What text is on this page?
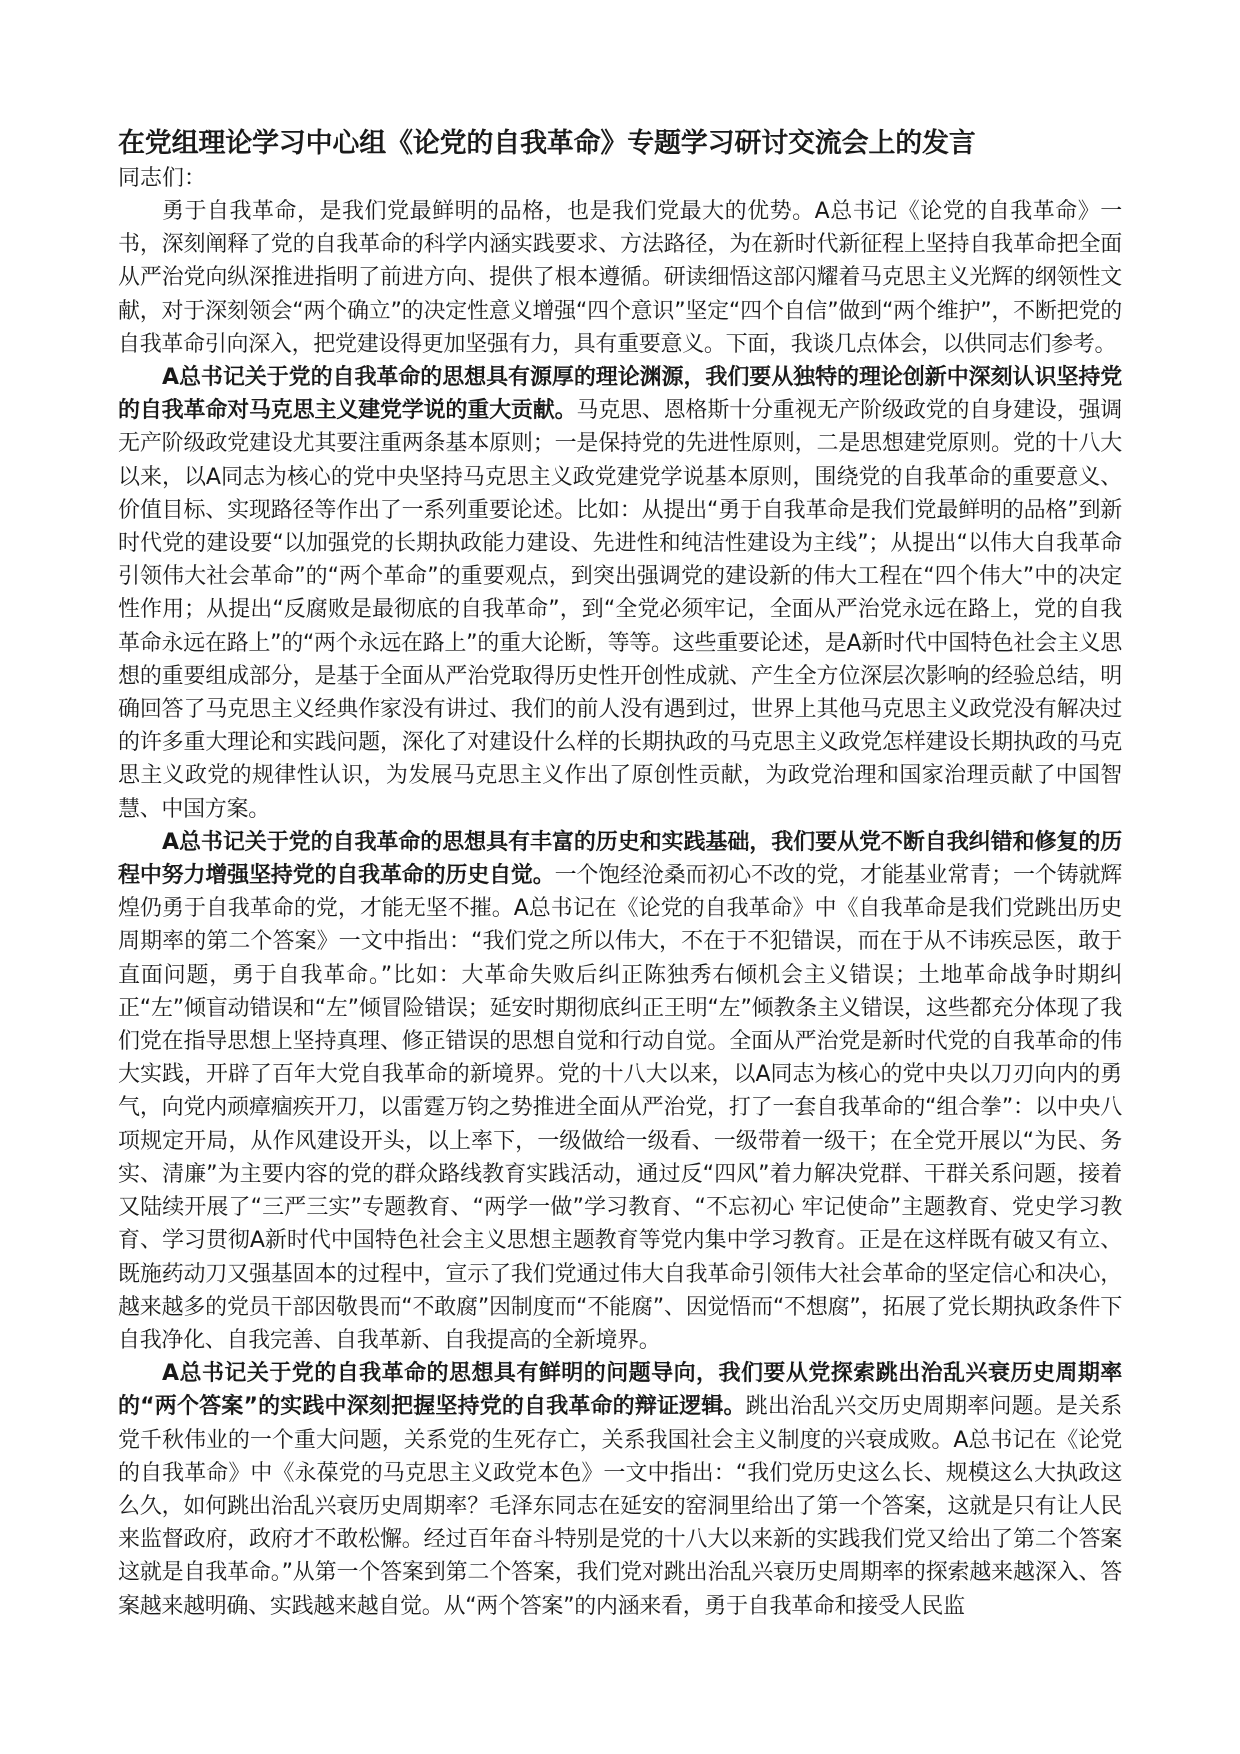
在党组理论学习中心组《论党的自我革命》专题学习研讨交流会上的发言

同志们：

勇于自我革命，是我们党最鲜明的品格，也是我们党最大的优势。A总书记《论党的自我革命》一书，深刻阐释了党的自我革命的科学内涵实践要求、方法路径，为在新时代新征程上坚持自我革命把全面从严治党向纵深推进指明了前进方向、提供了根本遵循。研读细悟这部闪耀着马克思主义光辉的纲领性文献，对于深刻领会“两个确立”的决定性意义增强“四个意识”坚定“四个自信”做到“两个维护”，不断把党的自我革命引向深入，把党建设得更加坚强有力，具有重要意义。下面，我谈几点体会，以供同志们参考。

A总书记关于党的自我革命的思想具有源厚的理论渊源，我们要从独特的理论创新中深刻认识坚持党的自我革命对马克思主义建党学说的重大贡献。马克思、恩格斯十分重视无产阶级政党的自身建设，强调无产阶级政党建设尤其要注重两条基本原则；一是保持党的先进性原则，二是思想建党原则。党的十八大以来，以A同志为核心的党中央坚持马克思主义政党建党学说基本原则，围绕党的自我革命的重要意义、价值目标、实现路径等作出了一系列重要论述。比如：从提出“勇于自我革命是我们党最鲜明的品格”到新时代党的建设要“以加强党的长期执政能力建设、先进性和纯洁性建设为主线”；从提出“以伟大自我革命引领伟大社会革命”的“两个革命”的重要观点，到突出强调党的建设新的伟大工程在“四个伟大”中的决定性作用；从提出“反腐败是最彻底的自我革命”，到“全党必须牢记，全面从严治党永远在路上，党的自我革命永远在路上”的“两个永远在路上”的重大论断，等等。这些重要论述，是A新时代中国特色社会主义思想的重要组成部分，是基于全面从严治党取得历史性开创性成就、产生全方位深层次影响的经验总结，明确回答了马克思主义经典作家没有讲过、我们的前人没有遇到过，世界上其他马克思主义政党没有解决过的许多重大理论和实践问题，深化了对建设什么样的长期执政的马克思主义政党怎样建设长期执政的马克思主义政党的规律性认识，为发展马克思主义作出了原创性贡献，为政党治理和国家治理贡献了中国智慧、中国方案。

A总书记关于党的自我革命的思想具有丰富的历史和实践基础，我们要从党不断自我纠错和修复的历程中努力增强坚持党的自我革命的历史自觉。一个饱经沧桑而初心不改的党，才能基业常青；一个铸就辉煌仍勇于自我革命的党，才能无坚不摧。A总书记在《论党的自我革命》中《自我革命是我们党跳出历史周期率的第二个答案》一文中指出：“我们党之所以伟大，不在于不犯错误，而在于从不讳疾忌医，敢于直面问题，勇于自我革命。”比如：大革命失败后纠正陈独秀右倾机会主义错误；土地革命战争时期纠正“左”倾盲动错误和“左”倾冒险错误；延安时期彻底纠正王明“左”倾教条主义错误，这些都充分体现了我们党在指导思想上坚持真理、修正错误的思想自觉和行动自觉。全面从严治党是新时代党的自我革命的伟大实践，开辟了百年大党自我革命的新境界。党的十八大以来，以A同志为核心的党中央以刀刃向内的勇气，向党内顽瘴痼疾开刀，以雷霆万钧之势推进全面从严治党，打了一套自我革命的“组合拳”：以中央八项规定开局，从作风建设开头，以上率下，一级做给一级看、一级带着一级干；在全党开展以“为民、务实、清廉”为主要内容的党的群众路线教育实践活动，通过反“四风”着力解决党群、干群关系问题，接着又陆续开展了“三严三实”专题教育、“两学一做”学习教育、“不忘初心 牢记使命”主题教育、党史学习教育、学习贯彻A新时代中国特色社会主义思想主题教育等党内集中学习教育。正是在这样既有破又有立、既施药动刀又强基固本的过程中，宣示了我们党通过伟大自我革命引领伟大社会革命的坚定信心和决心，越来越多的党员干部因敬畏而“不敢腐”因制度而“不能腐”、因觉悟而“不想腐”，拓展了党长期执政条件下自我净化、自我完善、自我革新、自我提高的全新境界。

A总书记关于党的自我革命的思想具有鲜明的问题导向，我们要从党探索跳出治乱兴衰历史周期率的“两个答案”的实践中深刻把握坚持党的自我革命的辩证逻辑。跳出治乱兴交历史周期率问题。是关系党千秋伟业的一个重大问题，关系党的生死存亡，关系我国社会主义制度的兴衰成败。A总书记在《论党的自我革命》中《永葆党的马克思主义政党本色》一文中指出：“我们党历史这么长、规模这么大执政这么久，如何跳出治乱兴衰历史周期率？毛泽东同志在延安的窑洞里给出了第一个答案，这就是只有让人民来监督政府，政府才不敢松懈。经过百年奋斗特别是党的十八大以来新的实践我们党又给出了第二个答案这就是自我革命。”从第一个答案到第二个答案，我们党对跳出治乱兴衰历史周期率的探索越来越深入、答案越来越明确、实践越来越自觉。从“两个答案”的内涵来看，勇于自我革命和接受人民监
